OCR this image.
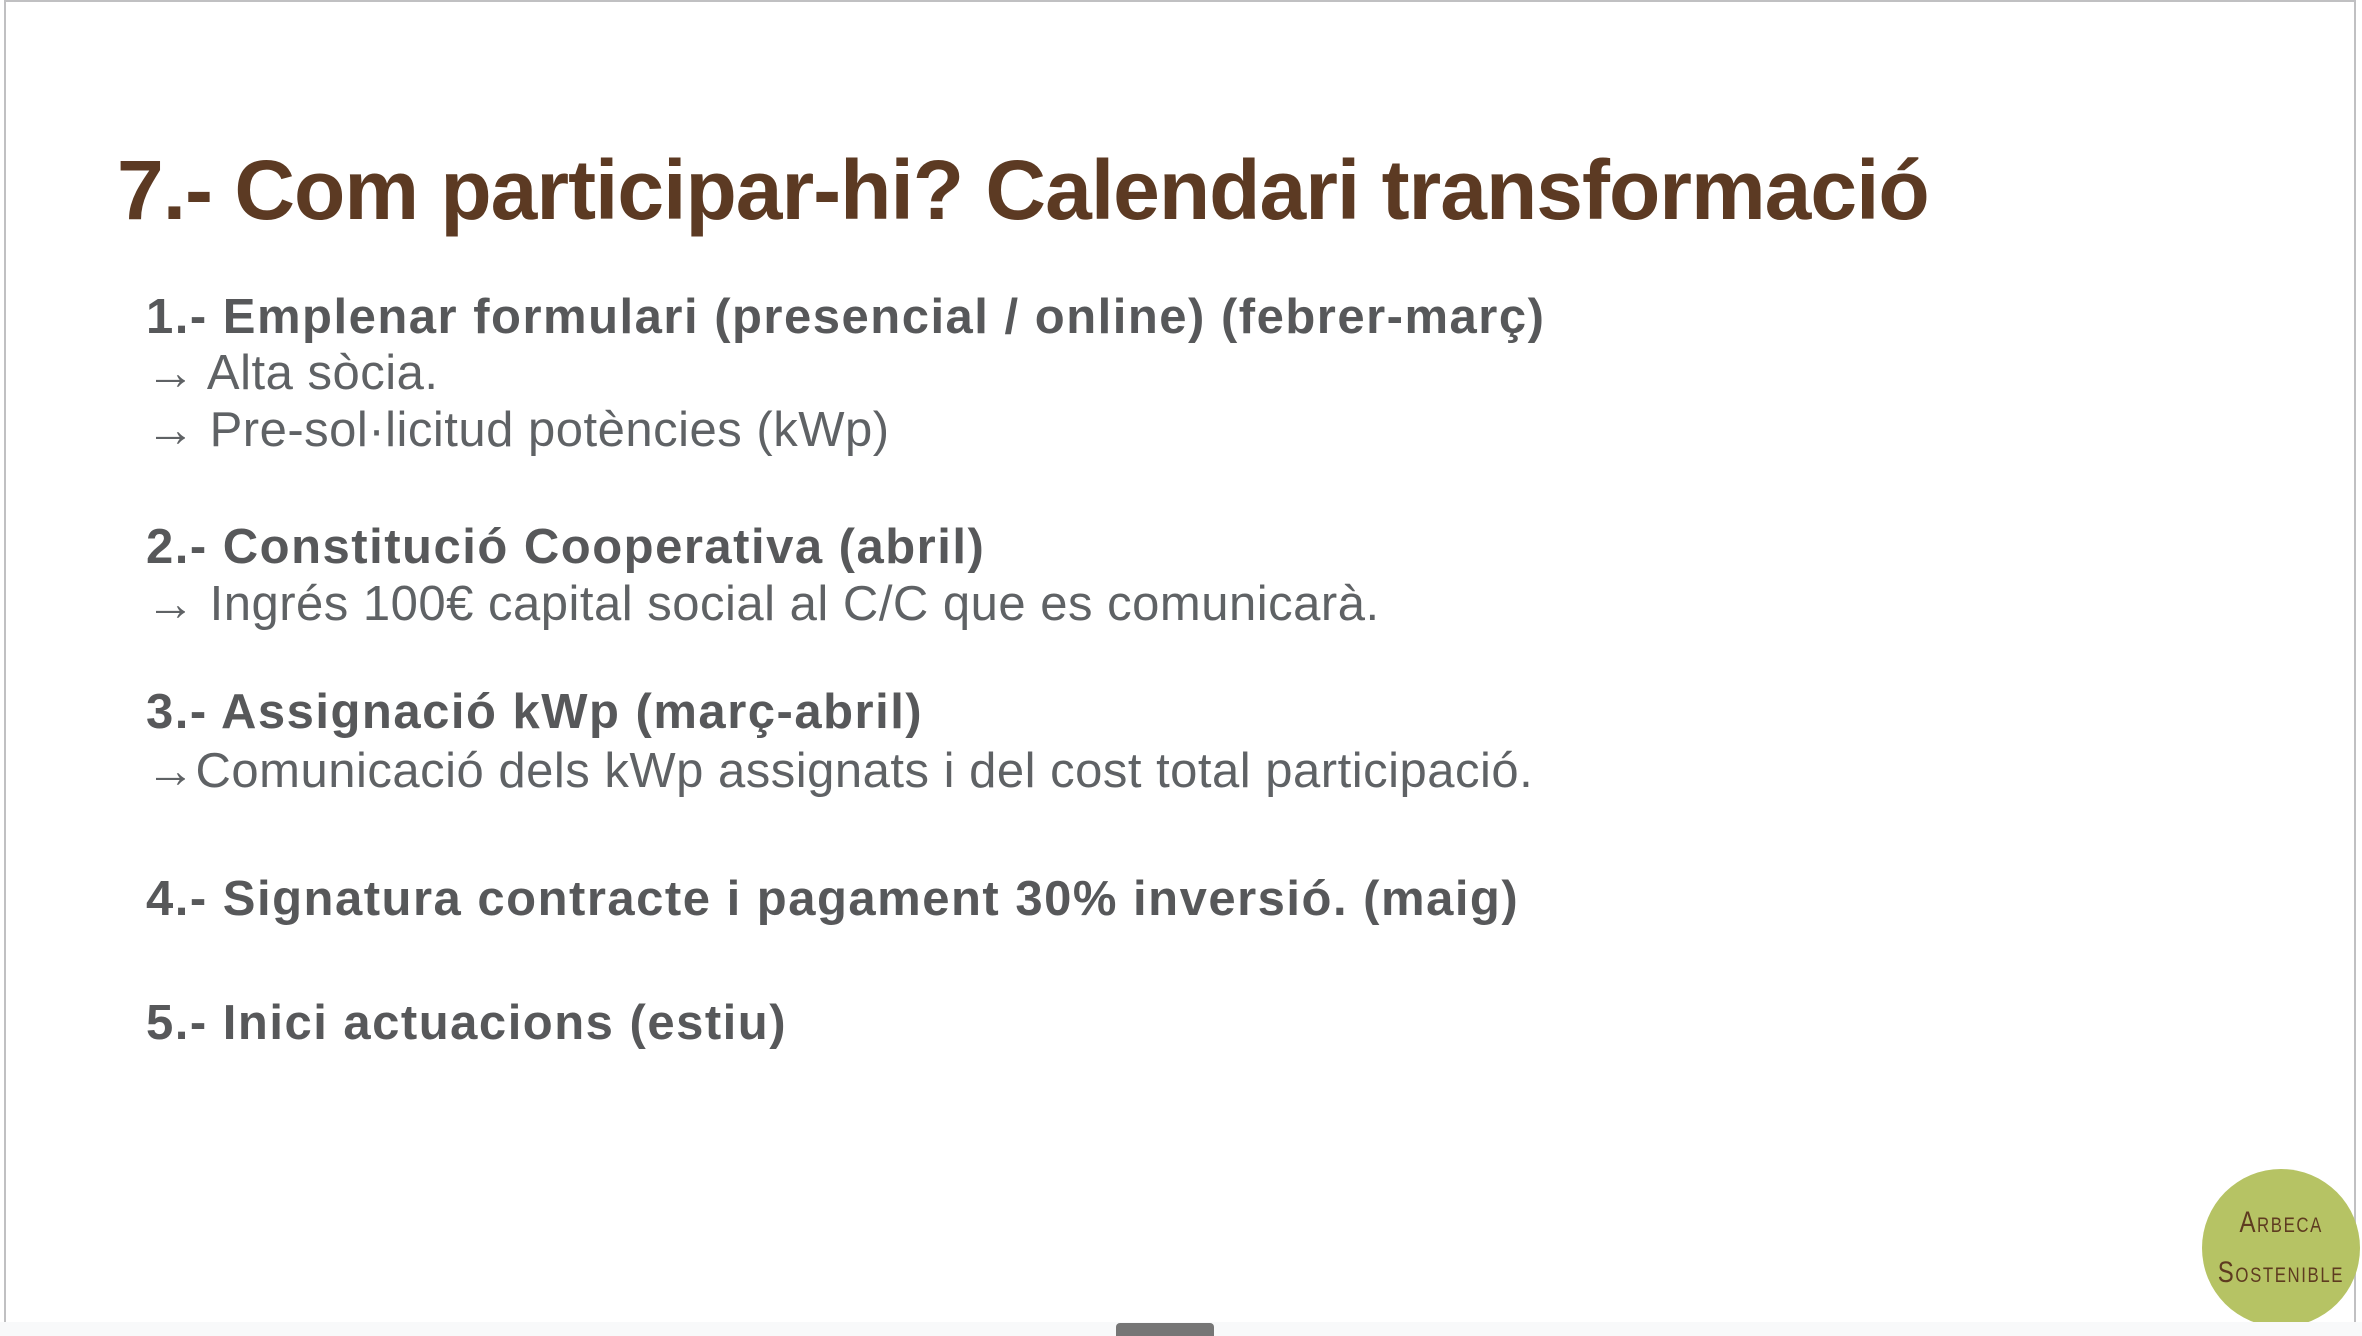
7.- Com participar-hi? Calendari transformació
1.- Emplenar formulari (presencial / online) (febrer-març)
→ Alta sòcia.
→ Pre-sol·licitud potències (kWp)
2.- Constitució Cooperativa (abril)
→ Ingrés 100€ capital social al C/C que es comunicarà.
3.- Assignació kWp (març-abril)
→Comunicació dels kWp assignats i del cost total participació.
4.- Signatura contracte i pagament 30% inversió. (maig)
5.- Inici actuacions (estiu)
Arbeca
Sostenible
